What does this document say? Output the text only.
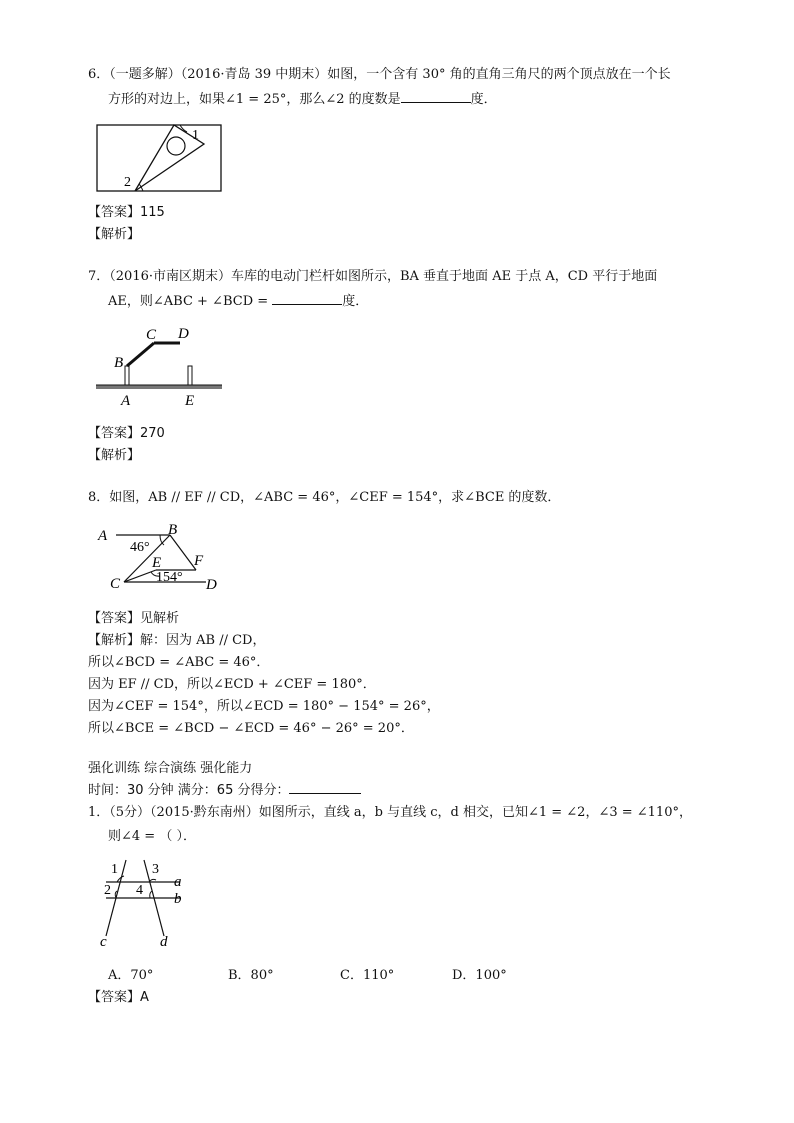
6．（一题多解）（2016·青岛 39 中期末）如图，一个含有 30° 角的直角三角尺的两个顶点放在一个长
方形的对边上，如果∠1 = 25°，那么∠2 的度数是	度．
1
2
【答案】115
【解析】
7．（2016·市南区期末）车库的电动门栏杆如图所示，BA 垂直于地面 AE 于点 A，CD 平行于地面
AE，则∠ABC + ∠BCD =	度．
B
C D
A	E
【答案】270
【解析】
8．如图，AB // EF // CD，∠ABC = 46°，∠CEF = 154°，求∠BCE 的度数．
A	B
C	D
E F
46°
154°
【答案】见解析
【解析】解：因为 AB // CD，
所以∠BCD = ∠ABC = 46°．
因为 EF // CD，所以∠ECD + ∠CEF = 180°．
因为∠CEF = 154°，所以∠ECD = 180° − 154° = 26°，
所以∠BCE = ∠BCD − ∠ECD = 46° − 26° = 20°．
强化训练 综合演练 强化能力
时间：30 分钟 满分：65 分得分：
1．（5分）（2015·黔东南州）如图所示，直线 a，b 与直线 c，d 相交，已知∠1 = ∠2，∠3 = ∠110°，
则∠4 = （ ）．
1
2
3
4
a
b
c	d
A．70°	B．80°	C．110°	D．100°
【答案】A
